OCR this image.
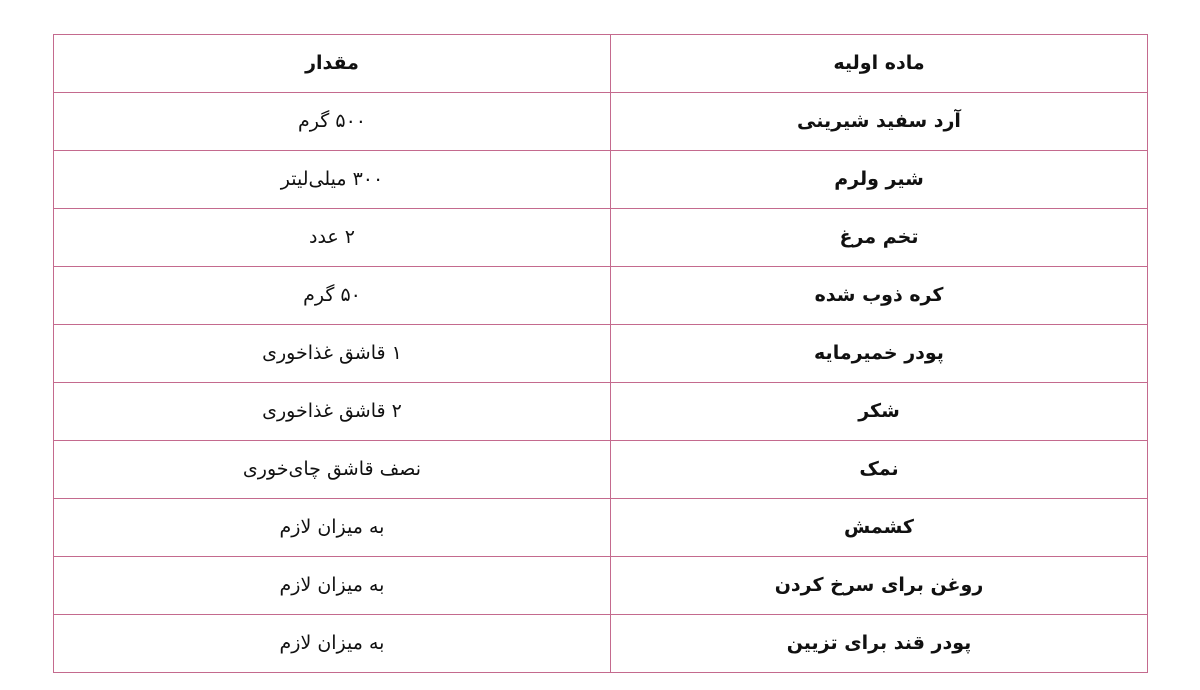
ماده اولیه	مقدار
آرد سفید شیرینی	۵۰۰ گرم
شیر ولرم	۳۰۰ میلی‌لیتر
تخم مرغ	۲ عدد
کره ذوب شده	۵۰ گرم
پودر خمیرمایه	۱ قاشق غذاخوری
شکر	۲ قاشق غذاخوری
نمک	نصف قاشق چای‌خوری
کشمش	به میزان لازم
روغن برای سرخ کردن	به میزان لازم
پودر قند برای تزیین	به میزان لازم
